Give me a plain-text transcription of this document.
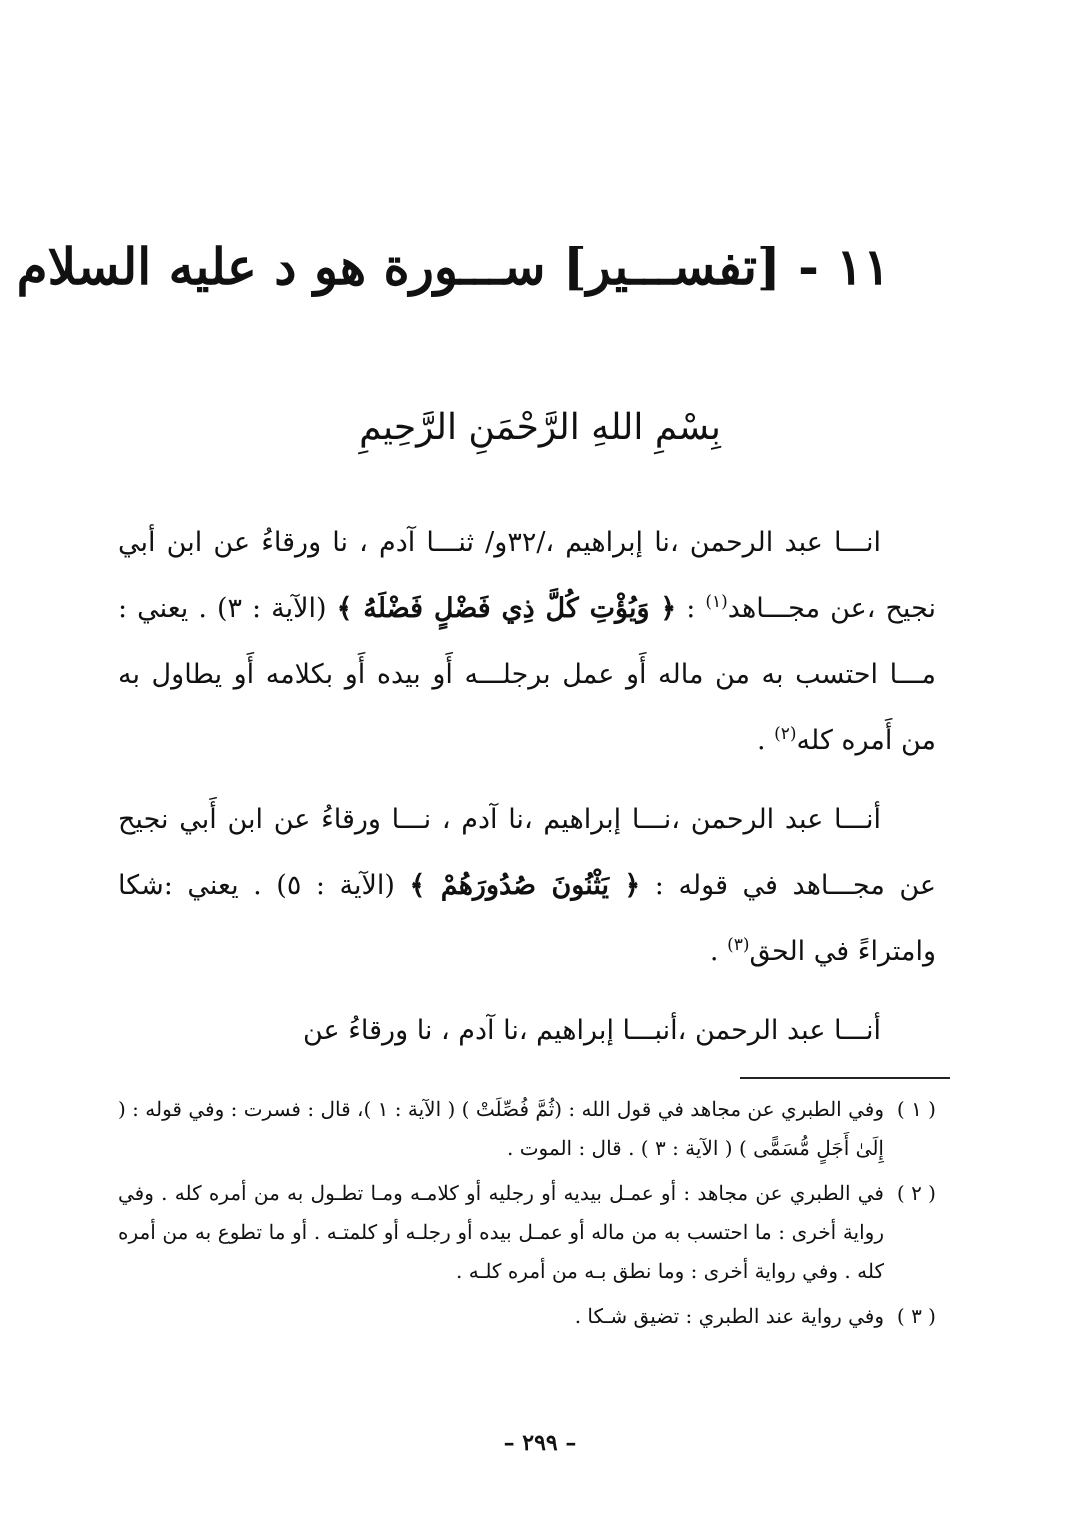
١١ - [تفســـير] ســـورة هو د عليه السلام
بِسْمِ اللهِ الرَّحْمَنِ الرَّحِيمِ
انـــا عبد الرحمن ،نا إبراهيم ،/٣٢و/ ثنـــا آدم ، نا ورقاءُ عن ابن أبي نجيح ،عن مجـــاهد$^{(١)}$ : ﴿ وَيُؤْتِ كُلَّ ذِي فَضْلٍ فَضْلَهُ ﴾ (الآية : ٣) . يعني : مـــا احتسب به من ماله أَو عمل برجلـــه أَو بيده أَو بكلامه أَو يطاول به من أَمره كله$^{(٢)}$ .
أنـــا عبد الرحمن ،نـــا إبراهيم ،نا آدم ، نـــا ورقاءُ عن ابن أَبي نجيح عن مجـــاهد في قوله : ﴿ يَثْنُونَ صُدُورَهُمْ ﴾ (الآية : ٥) . يعني :شكا وامتراءً في الحق$^{(٣)}$ .
أنـــا عبد الرحمن ،أنبـــا إبراهيم ،نا آدم ، نا ورقاءُ عن
( ١ )
وفي الطبري عن مجاهد في قول الله : (ثُمَّ فُصِّلَتْ ) ( الآية : ١ )، قال : فسرت : وفي قوله : ( إِلَىٰ أَجَلٍ مُّسَمًّى ) ( الآية : ٣ ) . قال : الموت .
( ٢ )
في الطبري عن مجاهد : أو عمـل بيديه أو رجليه أو كلامـه ومـا تطـول به من أمره كله . وفي رواية أخرى : ما احتسب به من ماله أو عمـل بيده أو رجلـه أو كلمتـه . أو ما تطوع به من أمره كله . وفي رواية أخرى : وما نطق بـه من أمره كلـه .
( ٣ )
وفي رواية عند الطبري : تضيق شـكا .
– ٢٩٩ –
